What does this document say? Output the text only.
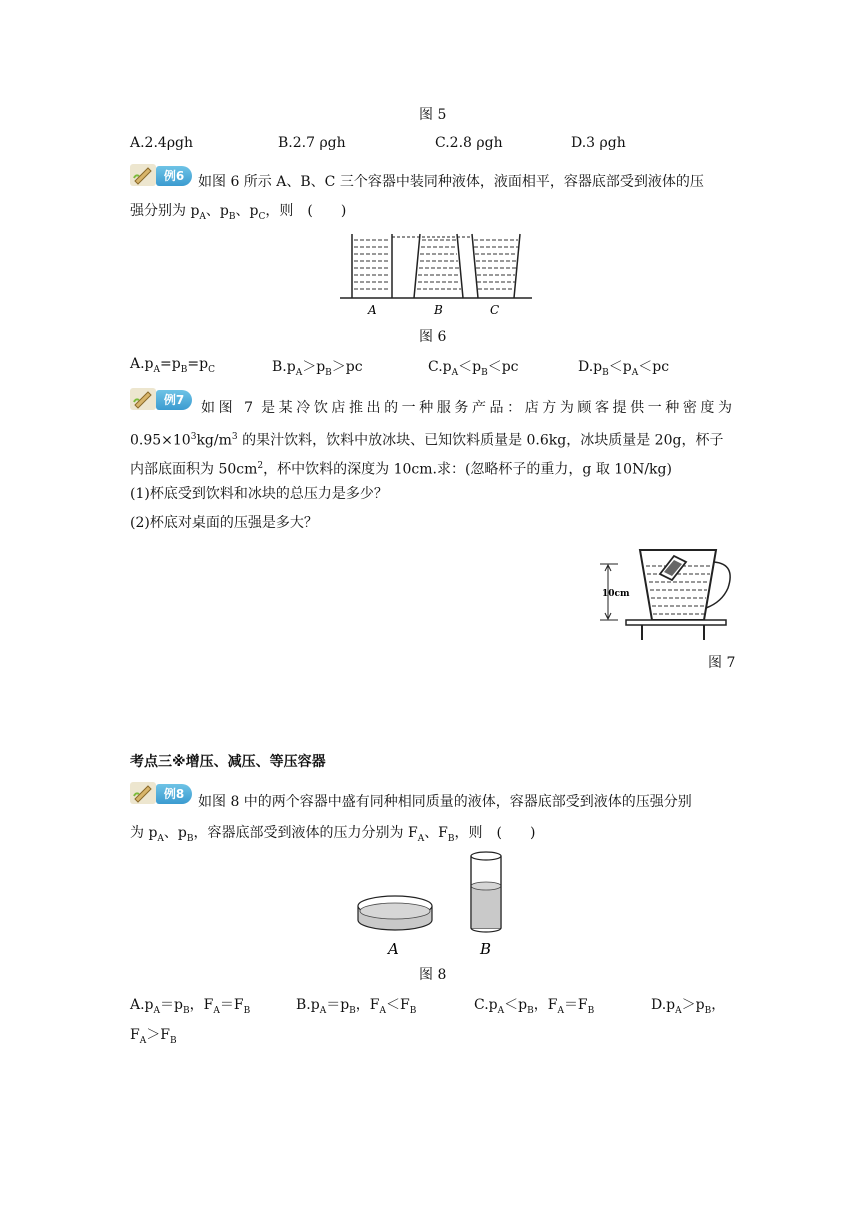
图 5
A.2.4ρgh	B.2.7 ρgh	C.2.8 ρgh	D.3 ρgh
例6 如图 6 所示 A、B、C 三个容器中装同种液体，液面相平，容器底部受到液体的压
强分别为 $p_A$、$p_B$、$p_C$，则　(　　)
A	B	C
图 6
$A.p_A=p_B=p_C$	$B.p_A>p_B>pc$	$C.p_A<p_B<pc$	$D.p_B<p_A<pc$
例7	如图 7 是某冷饮店推出的一种服务产品：店方为顾客提供一种密度为
$0.95\times 10^3kg/m^3$ 的果汁饮料，饮料中放冰块、已知饮料质量是 0.6kg，冰块质量是 20g，杯子
内部底面积为 $50cm^2$，杯中饮料的深度为 10cm.求：(忽略杯子的重力，g 取 10N/kg)
(1)杯底受到饮料和冰块的总压力是多少？
(2)杯底对桌面的压强是多大？
10cm
图 7
考点三※增压、减压、等压容器
例8 如图 8 中的两个容器中盛有同种相同质量的液体，容器底部受到液体的压强分别
为 $p_A$、$p_B$，容器底部受到液体的压力分别为 $F_A$、$F_B$，则　(　　)
A	B
图 8
$A.p_A=p_B$，$F_A=F_B$	$B.p_A=p_B$，$F_A<F_B$	$C.p_A<p_B$，$F_A=F_B$	$D.p_A>p_B$，
$F_A>F_B$
